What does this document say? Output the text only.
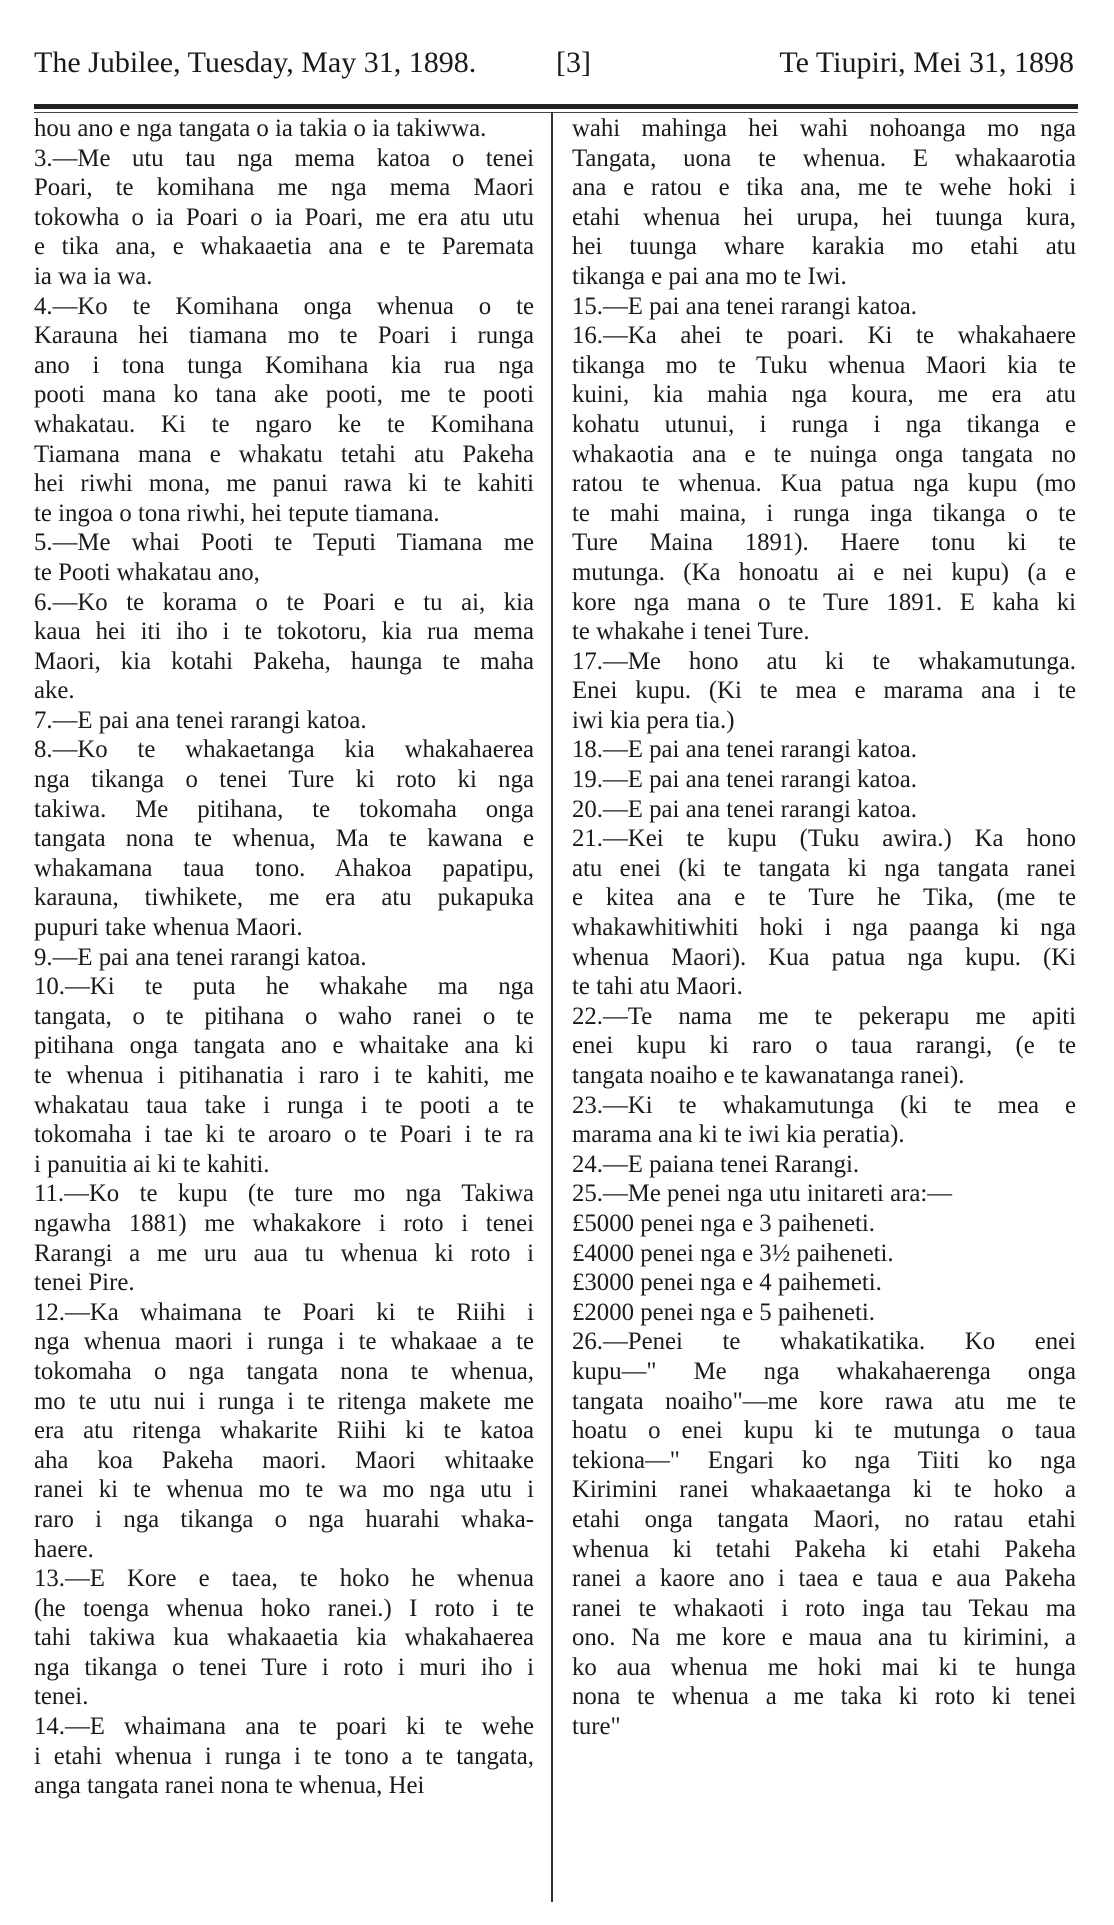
The Jubilee, Tuesday, May 31, 1898.	[3]	Te Tiupiri, Mei 31, 1898
hou ano e nga tangata o ia takia o ia takiwwa.
3.—Me utu tau nga mema katoa o tenei
Poari, te komihana me nga mema Maori
tokowha o ia Poari o ia Poari, me era atu utu
e tika ana, e whakaaetia ana e te Paremata
ia wa ia wa.
4.—Ko te Komihana onga whenua o te
Karauna hei tiamana mo te Poari i runga
ano i tona tunga Komihana kia rua nga
pooti mana ko tana ake pooti, me te pooti
whakatau. Ki te ngaro ke te Komihana
Tiamana mana e whakatu tetahi atu Pakeha
hei riwhi mona, me panui rawa ki te kahiti
te ingoa o tona riwhi, hei tepute tiamana.
5.—Me whai Pooti te Teputi Tiamana me
te Pooti whakatau ano,
6.—Ko te korama o te Poari e tu ai, kia
kaua hei iti iho i te tokotoru, kia rua mema
Maori, kia kotahi Pakeha, haunga te maha
ake.
7.—E pai ana tenei rarangi katoa.
8.—Ko te whakaetanga kia whakahaerea
nga tikanga o tenei Ture ki roto ki nga
takiwa. Me pitihana, te tokomaha onga
tangata nona te whenua, Ma te kawana e
whakamana taua tono. Ahakoa papatipu,
karauna, tiwhikete, me era atu pukapuka
pupuri take whenua Maori.
9.—E pai ana tenei rarangi katoa.
10.—Ki te puta he whakahe ma nga
tangata, o te pitihana o waho ranei o te
pitihana onga tangata ano e whaitake ana ki
te whenua i pitihanatia i raro i te kahiti, me
whakatau taua take i runga i te pooti a te
tokomaha i tae ki te aroaro o te Poari i te ra
i panuitia ai ki te kahiti.
11.—Ko te kupu (te ture mo nga Takiwa
ngawha 1881) me whakakore i roto i tenei
Rarangi a me uru aua tu whenua ki roto i
tenei Pire.
12.—Ka whaimana te Poari ki te Riihi i
nga whenua maori i runga i te whakaae a te
tokomaha o nga tangata nona te whenua,
mo te utu nui i runga i te ritenga makete me
era atu ritenga whakarite Riihi ki te katoa
aha koa Pakeha maori. Maori whitaake
ranei ki te whenua mo te wa mo nga utu i
raro i nga tikanga o nga huarahi whaka-
haere.
13.—E Kore e taea, te hoko he whenua
(he toenga whenua hoko ranei.) I roto i te
tahi takiwa kua whakaaetia kia whakahaerea
nga tikanga o tenei Ture i roto i muri iho i
tenei.
14.—E whaimana ana te poari ki te wehe
i etahi whenua i runga i te tono a te tangata,
anga tangata ranei nona te whenua, Hei
wahi mahinga hei wahi nohoanga mo nga
Tangata, uona te whenua. E whakaarotia
ana e ratou e tika ana, me te wehe hoki i
etahi whenua hei urupa, hei tuunga kura,
hei tuunga whare karakia mo etahi atu
tikanga e pai ana mo te Iwi.
15.—E pai ana tenei rarangi katoa.
16.—Ka ahei te poari. Ki te whakahaere
tikanga mo te Tuku whenua Maori kia te
kuini, kia mahia nga koura, me era atu
kohatu utunui, i runga i nga tikanga e
whakaotia ana e te nuinga onga tangata no
ratou te whenua. Kua patua nga kupu (mo
te mahi maina, i runga inga tikanga o te
Ture Maina 1891). Haere tonu ki te
mutunga. (Ka honoatu ai e nei kupu) (a e
kore nga mana o te Ture 1891. E kaha ki
te whakahe i tenei Ture.
17.—Me hono atu ki te whakamutunga.
Enei kupu. (Ki te mea e marama ana i te
iwi kia pera tia.)
18.—E pai ana tenei rarangi katoa.
19.—E pai ana tenei rarangi katoa.
20.—E pai ana tenei rarangi katoa.
21.—Kei te kupu (Tuku awira.) Ka hono
atu enei (ki te tangata ki nga tangata ranei
e kitea ana e te Ture he Tika, (me te
whakawhitiwhiti hoki i nga paanga ki nga
whenua Maori). Kua patua nga kupu. (Ki
te tahi atu Maori.
22.—Te nama me te pekerapu me apiti
enei kupu ki raro o taua rarangi, (e te
tangata noaiho e te kawanatanga ranei).
23.—Ki te whakamutunga (ki te mea e
marama ana ki te iwi kia peratia).
24.—E paiana tenei Rarangi.
25.—Me penei nga utu initareti ara:—
£5000 penei nga e 3 paiheneti.
£4000 penei nga e 3½ paiheneti.
£3000 penei nga e 4 paihemeti.
£2000 penei nga e 5 paiheneti.
26.—Penei te whakatikatika. Ko enei
kupu—" Me nga whakahaerenga onga
tangata noaiho"—me kore rawa atu me te
hoatu o enei kupu ki te mutunga o taua
tekiona—" Engari ko nga Tiiti ko nga
Kirimini ranei whakaaetanga ki te hoko a
etahi onga tangata Maori, no ratau etahi
whenua ki tetahi Pakeha ki etahi Pakeha
ranei a kaore ano i taea e taua e aua Pakeha
ranei te whakaoti i roto inga tau Tekau ma
ono. Na me kore e maua ana tu kirimini, a
ko aua whenua me hoki mai ki te hunga
nona te whenua a me taka ki roto ki tenei
ture"
